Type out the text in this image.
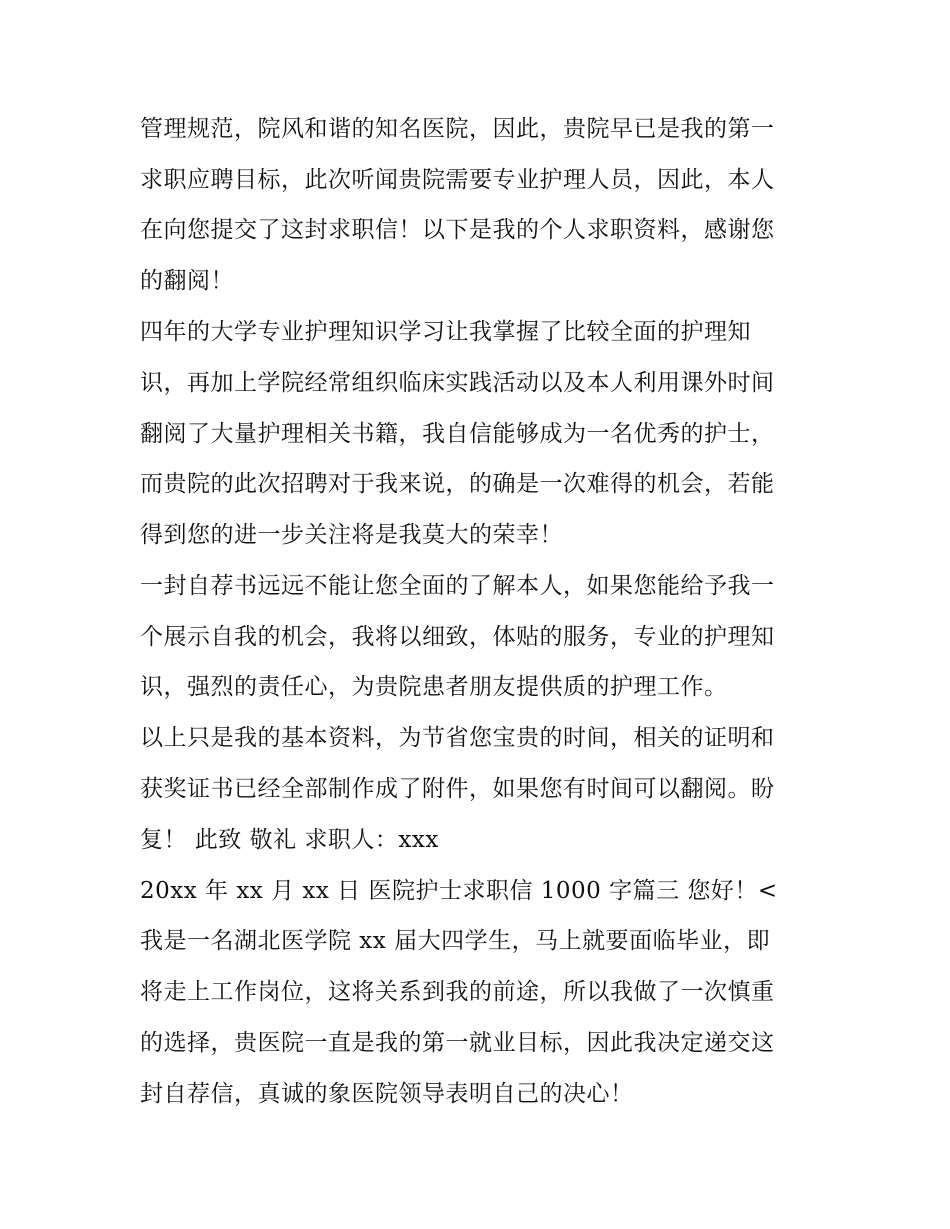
管理规范，院风和谐的知名医院，因此，贵院早已是我的第一
求职应聘目标，此次听闻贵院需要专业护理人员，因此，本人
在向您提交了这封求职信！以下是我的个人求职资料，感谢您
的翻阅！
四年的大学专业护理知识学习让我掌握了比较全面的护理知
识，再加上学院经常组织临床实践活动以及本人利用课外时间
翻阅了大量护理相关书籍，我自信能够成为一名优秀的护士，
而贵院的此次招聘对于我来说，的确是一次难得的机会，若能
得到您的进一步关注将是我莫大的荣幸！
一封自荐书远远不能让您全面的了解本人，如果您能给予我一
个展示自我的机会，我将以细致，体贴的服务，专业的护理知
识，强烈的责任心，为贵院患者朋友提供质的护理工作。
以上只是我的基本资料，为节省您宝贵的时间，相关的证明和
获奖证书已经全部制作成了附件，如果您有时间可以翻阅。盼
复！ 此致 敬礼 求职人：xxx
20xx 年 xx 月 xx 日 医院护士求职信 1000 字篇三 您好！<
我是一名湖北医学院 xx 届大四学生，马上就要面临毕业，即
将走上工作岗位，这将关系到我的前途，所以我做了一次慎重
的选择，贵医院一直是我的第一就业目标，因此我决定递交这
封自荐信，真诚的象医院领导表明自己的决心！
